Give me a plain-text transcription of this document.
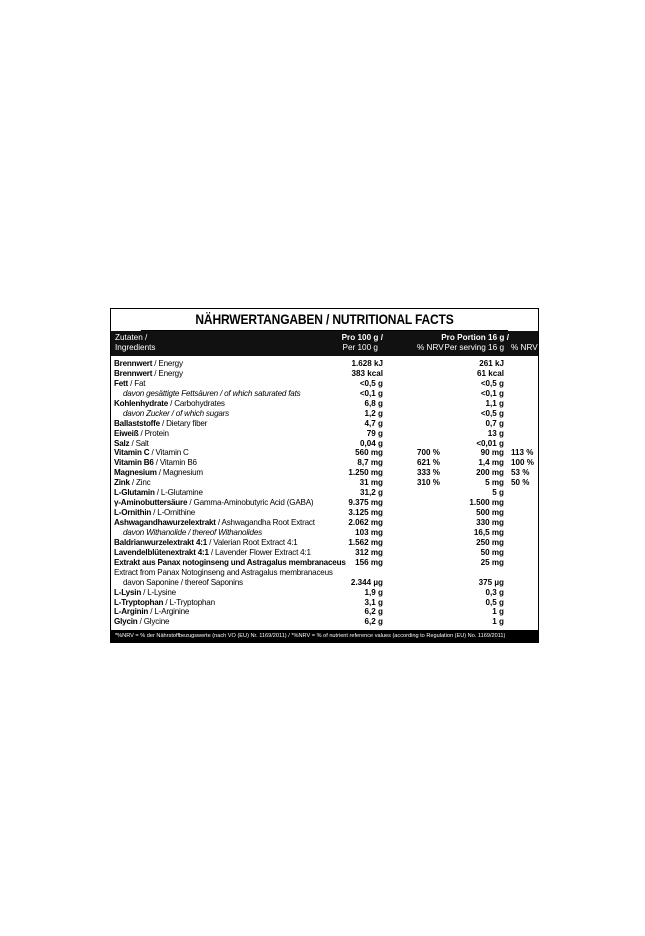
NÄHRWERTANGABEN / NUTRITIONAL FACTS
Zutaten /
Ingredients
Pro 100 g /
Per 100 g	% NRV
Pro Portion 16 g /
Per serving 16 g % NRV
Brennwert / Energy	1.628 kJ	261 kJ
Brennwert / Energy	383 kcal	61 kcal
Fett / Fat	<0,5 g	<0,5 g
davon gesättigte Fettsäuren / of which saturated fats	<0,1 g	<0,1 g
Kohlenhydrate / Carbohydrates	6,8 g	1,1 g
davon Zucker / of which sugars	1,2 g	<0,5 g
Ballaststoffe / Dietary fiber	4,7 g	0,7 g
Eiweiß / Protein	79 g	13 g
Salz / Salt	0,04 g	<0,01 g
Vitamin C / Vitamin C	560 mg	700 %	90 mg 113 %
Vitamin B6 / Vitamin B6	8,7 mg	621 %	1,4 mg 100 %
Magnesium / Magnesium	1.250 mg	333 %	200 mg 53 %
Zink / Zinc	31 mg	310 %	5 mg 50 %
L-Glutamin / L-Glutamine	31,2 g	5 g
γ-Aminobuttersäure / Gamma-Aminobutyric Acid (GABA)	9.375 mg	1.500 mg
L-Ornithin / L-Ornithine	3.125 mg	500 mg
Ashwagandhawurzelextrakt / Ashwagandha Root Extract	2.062 mg	330 mg
davon Withanolide / thereof Withanolides	103 mg	16,5 mg
Baldrianwurzelextrakt 4:1 / Valerian Root Extract 4:1	1.562 mg	250 mg
Lavendelblütenextrakt 4:1 / Lavender Flower Extract 4:1	312 mg	50 mg
Extrakt aus Panax notoginseng und Astragalus membranaceus 156 mg	25 mg
Extract from Panax Notoginseng and Astragalus membranaceus
davon Saponine / thereof Saponins	2.344 µg	375 µg
L-Lysin / L-Lysine	1,9 g	0,3 g
L-Tryptophan / L-Tryptophan	3,1 g	0,5 g
L-Arginin / L-Arginine	6,2 g	1 g
Glycin / Glycine	6,2 g	1 g
*%NRV = % der Nährstoffbezugswerte (nach VO (EU) Nr. 1169/2011) / *%NRV = % of nutrient reference values (according to Regulation (EU) No. 1169/2011)
